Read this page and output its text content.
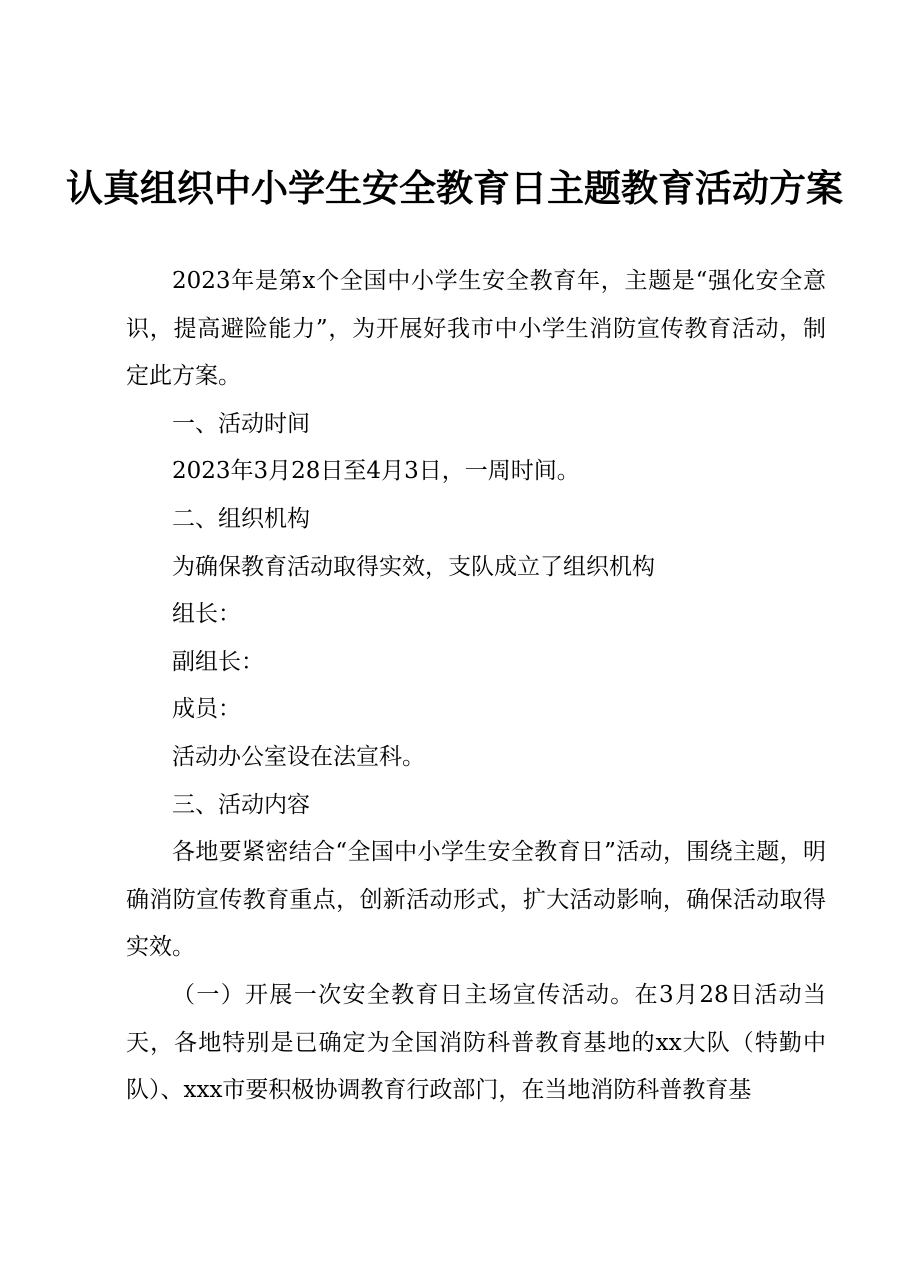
认真组织中小学生安全教育日主题教育活动方案

2023年是第x个全国中小学生安全教育年，主题是“强化安全意识，提高避险能力”，为开展好我市中小学生消防宣传教育活动，制定此方案。

一、活动时间

2023年3月28日至4月3日，一周时间。

二、组织机构

为确保教育活动取得实效，支队成立了组织机构

组长：

副组长：

成员：

活动办公室设在法宣科。

三、活动内容

各地要紧密结合“全国中小学生安全教育日”活动，围绕主题，明确消防宣传教育重点，创新活动形式，扩大活动影响，确保活动取得实效。

（一）开展一次安全教育日主场宣传活动。在3月28日活动当天，各地特别是已确定为全国消防科普教育基地的xx大队（特勤中队）、xxx市要积极协调教育行政部门，在当地消防科普教育基
